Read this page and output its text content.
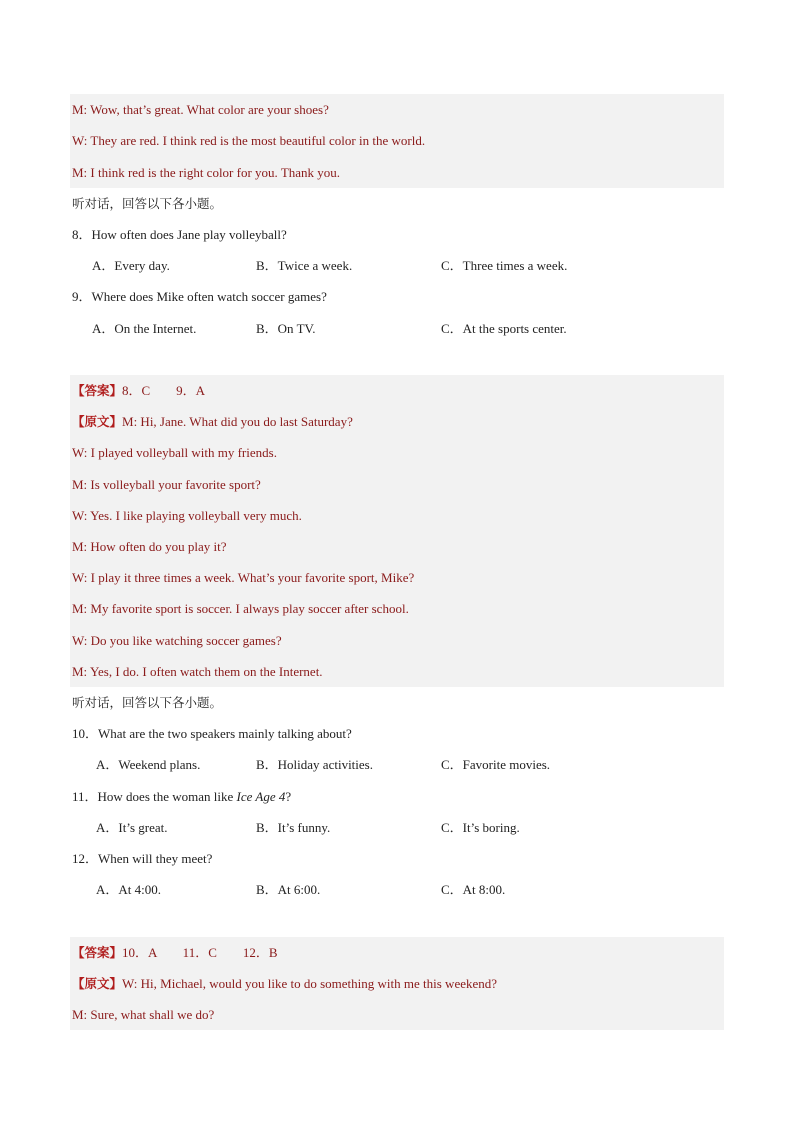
M: Wow, that’s great. What color are your shoes?
W: They are red. I think red is the most beautiful color in the world.
M: I think red is the right color for you. Thank you.
听对话，回答以下各小题。
8．How often does Jane play volleyball?
A．Every day.	B．Twice a week.	C．Three times a week.
9．Where does Mike often watch soccer games?
A．On the Internet.	B．On TV.	C．At the sports center.
【答案】8．C　　9．A
【原文】M: Hi, Jane. What did you do last Saturday?
W: I played volleyball with my friends.
M: Is volleyball your favorite sport?
W: Yes. I like playing volleyball very much.
M: How often do you play it?
W: I play it three times a week. What’s your favorite sport, Mike?
M: My favorite sport is soccer. I always play soccer after school.
W: Do you like watching soccer games?
M: Yes, I do. I often watch them on the Internet.
听对话，回答以下各小题。
10．What are the two speakers mainly talking about?
A．Weekend plans.	B．Holiday activities.	C．Favorite movies.
11．How does the woman like Ice Age 4?
A．It’s great.	B．It’s funny.	C．It’s boring.
12．When will they meet?
A．At 4:00.	B．At 6:00.	C．At 8:00.
【答案】10．A　　11．C　　12．B
【原文】W: Hi, Michael, would you like to do something with me this weekend?
M: Sure, what shall we do?
